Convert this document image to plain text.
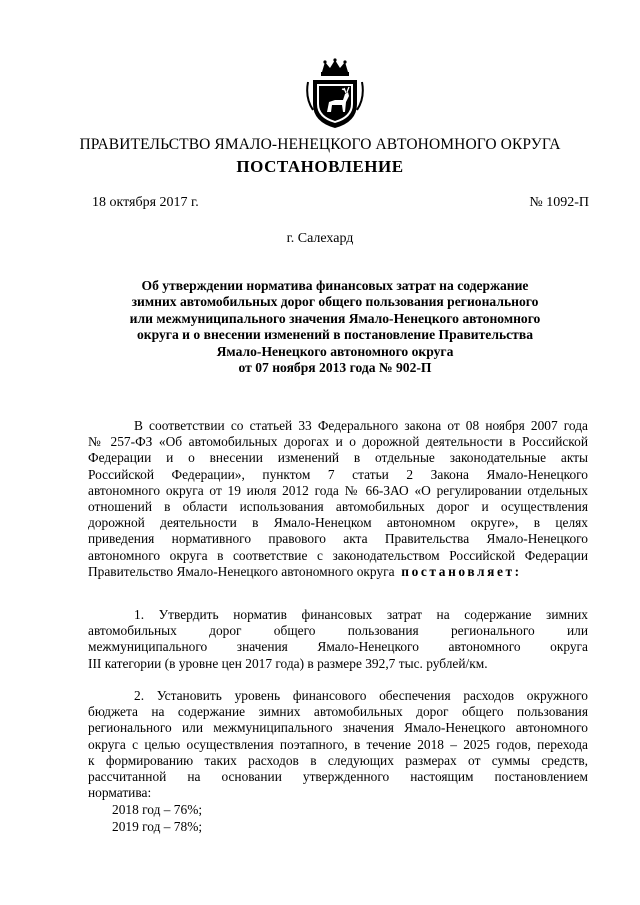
ПРАВИТЕЛЬСТВО ЯМАЛО-НЕНЕЦКОГО АВТОНОМНОГО ОКРУГА
ПОСТАНОВЛЕНИЕ
18 октября 2017 г.	№ 1092-П
г. Салехард
Об утверждении норматива финансовых затрат на содержание
зимних автомобильных дорог общего пользования регионального
или межмуниципального значения Ямало-Ненецкого автономного
округа и о внесении изменений в постановление Правительства
Ямало-Ненецкого автономного округа
от 07 ноября 2013 года № 902-П
В соответствии со статьей 33 Федерального закона от 08 ноября 2007 года
№ 257-ФЗ «Об автомобильных дорогах и о дорожной деятельности в Российской
Федерации и о внесении изменений в отдельные законодательные акты
Российской Федерации», пунктом 7 статьи 2 Закона Ямало-Ненецкого
автономного округа от 19 июля 2012 года № 66-ЗАО «О регулировании отдельных
отношений в области использования автомобильных дорог и осуществления
дорожной деятельности в Ямало-Ненецком автономном округе», в целях
приведения нормативного правового акта Правительства Ямало-Ненецкого
автономного округа в соответствие с законодательством Российской Федерации
Правительство Ямало-Ненецкого автономного округа постановляет:
1. Утвердить норматив финансовых затрат на содержание зимних
автомобильных дорог общего пользования регионального или
межмуниципального значения Ямало-Ненецкого автономного округа
III категории (в уровне цен 2017 года) в размере 392,7 тыс. рублей/км.
2. Установить уровень финансового обеспечения расходов окружного
бюджета на содержание зимних автомобильных дорог общего пользования
регионального или межмуниципального значения Ямало-Ненецкого автономного
округа с целью осуществления поэтапного, в течение 2018 – 2025 годов, перехода
к формированию таких расходов в следующих размерах от суммы средств,
рассчитанной на основании утвержденного настоящим постановлением
норматива:
2018 год – 76%;
2019 год – 78%;
